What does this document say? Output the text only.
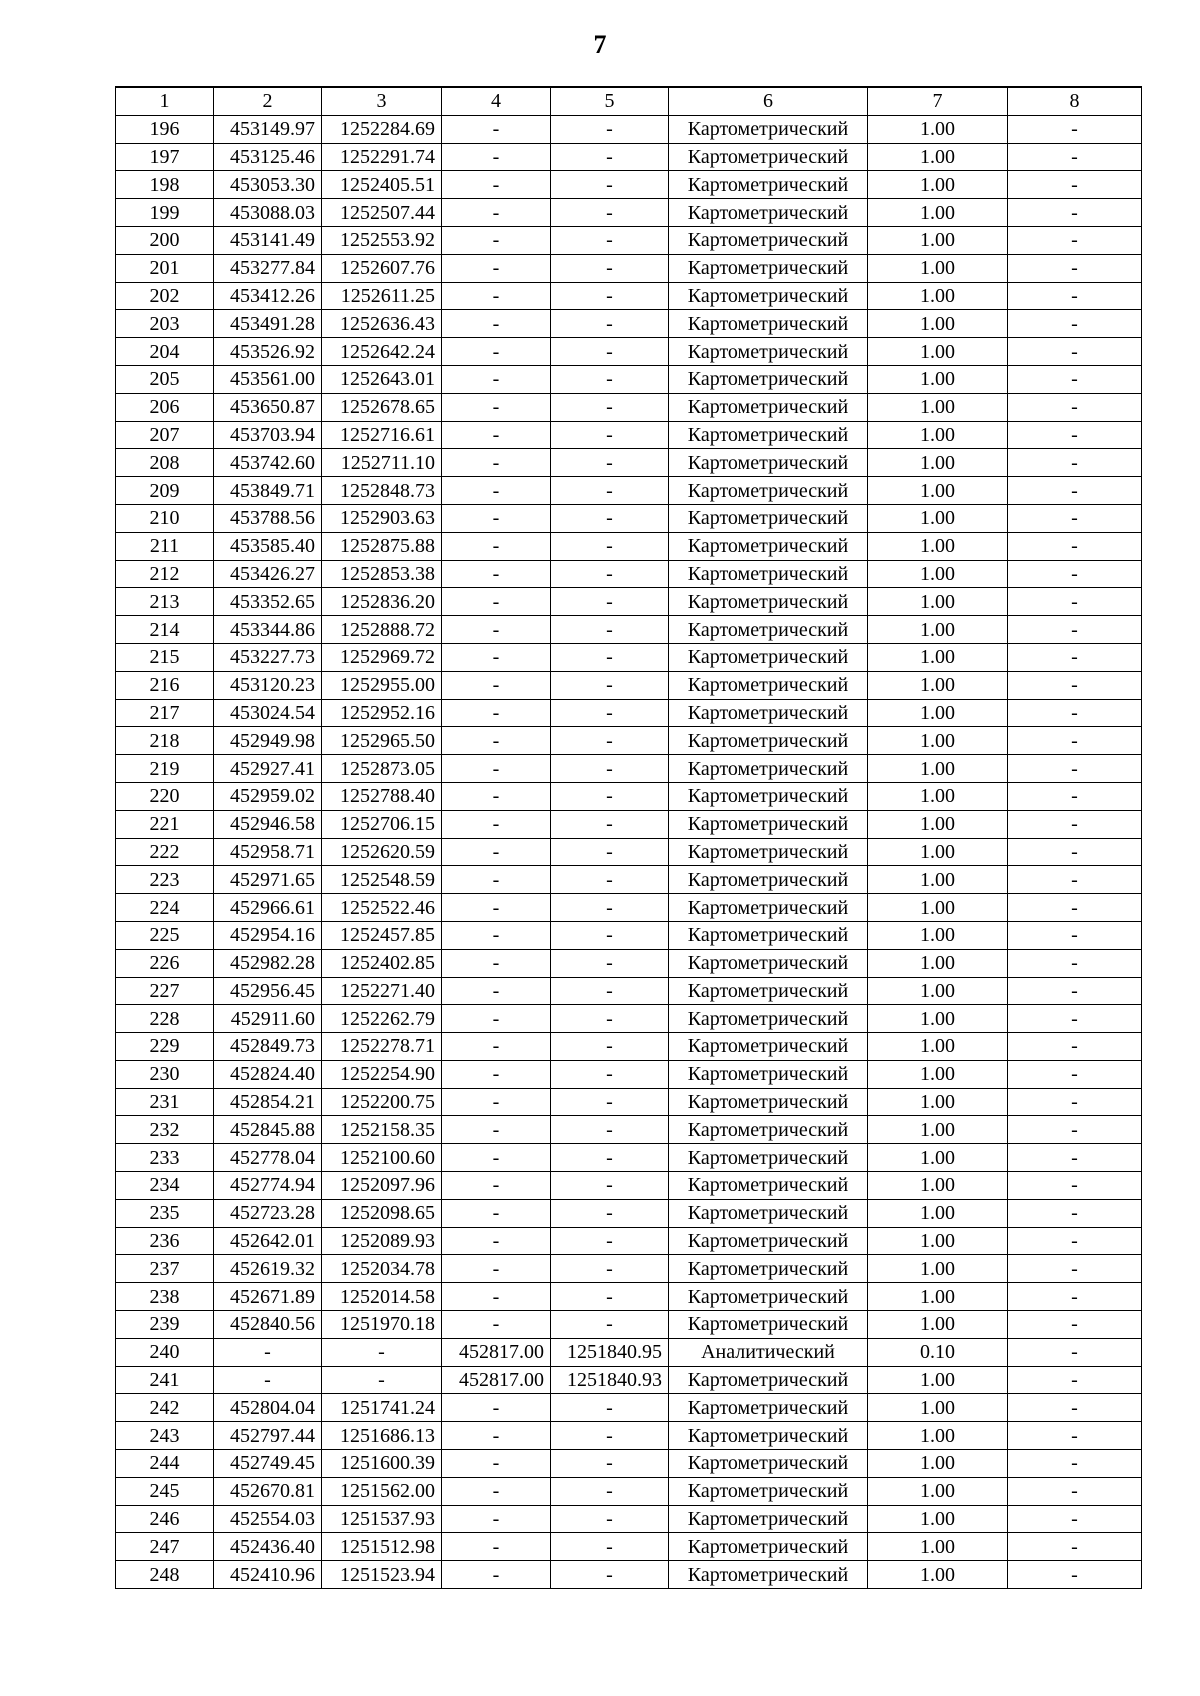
7
1	2	3	4	5	6	7	8
196	453149.97	1252284.69	-	-	Картометрический	1.00	-
197	453125.46	1252291.74	-	-	Картометрический	1.00	-
198	453053.30	1252405.51	-	-	Картометрический	1.00	-
199	453088.03	1252507.44	-	-	Картометрический	1.00	-
200	453141.49	1252553.92	-	-	Картометрический	1.00	-
201	453277.84	1252607.76	-	-	Картометрический	1.00	-
202	453412.26	1252611.25	-	-	Картометрический	1.00	-
203	453491.28	1252636.43	-	-	Картометрический	1.00	-
204	453526.92	1252642.24	-	-	Картометрический	1.00	-
205	453561.00	1252643.01	-	-	Картометрический	1.00	-
206	453650.87	1252678.65	-	-	Картометрический	1.00	-
207	453703.94	1252716.61	-	-	Картометрический	1.00	-
208	453742.60	1252711.10	-	-	Картометрический	1.00	-
209	453849.71	1252848.73	-	-	Картометрический	1.00	-
210	453788.56	1252903.63	-	-	Картометрический	1.00	-
211	453585.40	1252875.88	-	-	Картометрический	1.00	-
212	453426.27	1252853.38	-	-	Картометрический	1.00	-
213	453352.65	1252836.20	-	-	Картометрический	1.00	-
214	453344.86	1252888.72	-	-	Картометрический	1.00	-
215	453227.73	1252969.72	-	-	Картометрический	1.00	-
216	453120.23	1252955.00	-	-	Картометрический	1.00	-
217	453024.54	1252952.16	-	-	Картометрический	1.00	-
218	452949.98	1252965.50	-	-	Картометрический	1.00	-
219	452927.41	1252873.05	-	-	Картометрический	1.00	-
220	452959.02	1252788.40	-	-	Картометрический	1.00	-
221	452946.58	1252706.15	-	-	Картометрический	1.00	-
222	452958.71	1252620.59	-	-	Картометрический	1.00	-
223	452971.65	1252548.59	-	-	Картометрический	1.00	-
224	452966.61	1252522.46	-	-	Картометрический	1.00	-
225	452954.16	1252457.85	-	-	Картометрический	1.00	-
226	452982.28	1252402.85	-	-	Картометрический	1.00	-
227	452956.45	1252271.40	-	-	Картометрический	1.00	-
228	452911.60	1252262.79	-	-	Картометрический	1.00	-
229	452849.73	1252278.71	-	-	Картометрический	1.00	-
230	452824.40	1252254.90	-	-	Картометрический	1.00	-
231	452854.21	1252200.75	-	-	Картометрический	1.00	-
232	452845.88	1252158.35	-	-	Картометрический	1.00	-
233	452778.04	1252100.60	-	-	Картометрический	1.00	-
234	452774.94	1252097.96	-	-	Картометрический	1.00	-
235	452723.28	1252098.65	-	-	Картометрический	1.00	-
236	452642.01	1252089.93	-	-	Картометрический	1.00	-
237	452619.32	1252034.78	-	-	Картометрический	1.00	-
238	452671.89	1252014.58	-	-	Картометрический	1.00	-
239	452840.56	1251970.18	-	-	Картометрический	1.00	-
240	-	-	452817.00	1251840.95	Аналитический	0.10	-
241	-	-	452817.00	1251840.93	Картометрический	1.00	-
242	452804.04	1251741.24	-	-	Картометрический	1.00	-
243	452797.44	1251686.13	-	-	Картометрический	1.00	-
244	452749.45	1251600.39	-	-	Картометрический	1.00	-
245	452670.81	1251562.00	-	-	Картометрический	1.00	-
246	452554.03	1251537.93	-	-	Картометрический	1.00	-
247	452436.40	1251512.98	-	-	Картометрический	1.00	-
248	452410.96	1251523.94	-	-	Картометрический	1.00	-
